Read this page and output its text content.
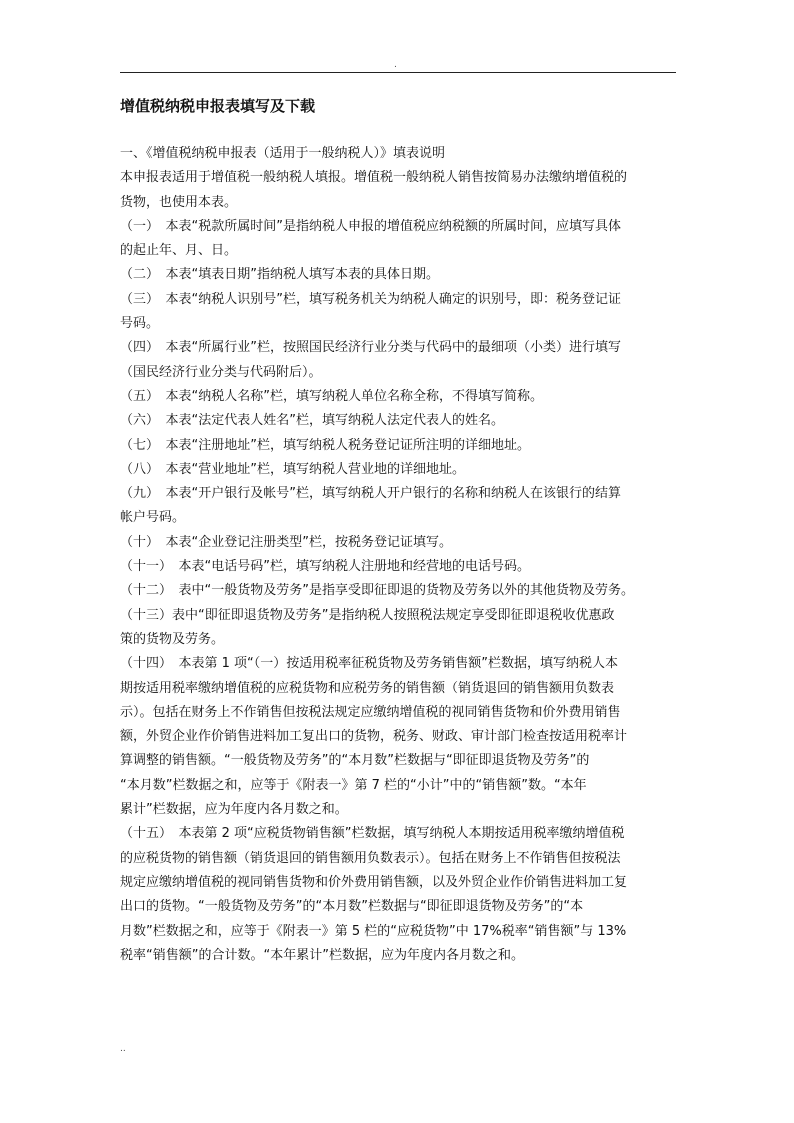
.
增值税纳税申报表填写及下载
一、《增值税纳税申报表（适用于一般纳税人）》填表说明
本申报表适用于增值税一般纳税人填报。增值税一般纳税人销售按简易办法缴纳增值税的
货物，也使用本表。
（一）　本表“税款所属时间”是指纳税人申报的增值税应纳税额的所属时间，应填写具体
的起止年、月、日。
（二）　本表“填表日期”指纳税人填写本表的具体日期。
（三）　本表“纳税人识别号”栏，填写税务机关为纳税人确定的识别号，即：税务登记证
号码。
（四）　本表“所属行业”栏，按照国民经济行业分类与代码中的最细项（小类）进行填写
（国民经济行业分类与代码附后）。
（五）　本表“纳税人名称”栏，填写纳税人单位名称全称，不得填写简称。
（六）　本表“法定代表人姓名”栏，填写纳税人法定代表人的姓名。
（七）　本表“注册地址”栏，填写纳税人税务登记证所注明的详细地址。
（八）　本表“营业地址”栏，填写纳税人营业地的详细地址。
（九）　本表“开户银行及帐号”栏，填写纳税人开户银行的名称和纳税人在该银行的结算
帐户号码。
（十）　本表“企业登记注册类型”栏，按税务登记证填写。
（十一）　本表“电话号码”栏，填写纳税人注册地和经营地的电话号码。
（十二）　表中“一般货物及劳务”是指享受即征即退的货物及劳务以外的其他货物及劳务。
（十三）表中“即征即退货物及劳务”是指纳税人按照税法规定享受即征即退税收优惠政
策的货物及劳务。
（十四）　本表第 1 项“（一）按适用税率征税货物及劳务销售额”栏数据，填写纳税人本
期按适用税率缴纳增值税的应税货物和应税劳务的销售额（销货退回的销售额用负数表
示）。包括在财务上不作销售但按税法规定应缴纳增值税的视同销售货物和价外费用销售
额，外贸企业作价销售进料加工复出口的货物，税务、财政、审计部门检查按适用税率计
算调整的销售额。“一般货物及劳务”的“本月数”栏数据与“即征即退货物及劳务”的
“本月数”栏数据之和，应等于《附表一》第 7 栏的“小计”中的“销售额”数。“本年
累计”栏数据，应为年度内各月数之和。
（十五）　本表第 2 项“应税货物销售额”栏数据，填写纳税人本期按适用税率缴纳增值税
的应税货物的销售额（销货退回的销售额用负数表示）。包括在财务上不作销售但按税法
规定应缴纳增值税的视同销售货物和价外费用销售额，以及外贸企业作价销售进料加工复
出口的货物。“一般货物及劳务”的“本月数”栏数据与“即征即退货物及劳务”的“本
月数”栏数据之和，应等于《附表一》第 5 栏的“应税货物”中 17%税率“销售额”与 13%
税率“销售额”的合计数。“本年累计”栏数据，应为年度内各月数之和。
..
